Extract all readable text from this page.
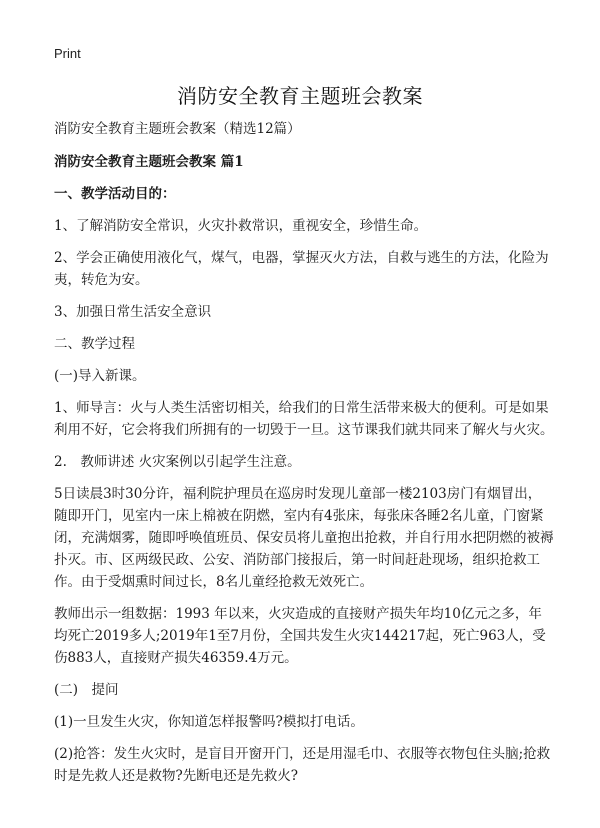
Print
消防安全教育主题班会教案

消防安全教育主题班会教案（精选12篇）

消防安全教育主题班会教案 篇1

一、教学活动目的：

1、了解消防安全常识，火灾扑救常识，重视安全，珍惜生命。

2、学会正确使用液化气，煤气，电器，掌握灭火方法，自救与逃生的方法，化险为夷，转危为安。

3、加强日常生活安全意识

二、教学过程

(一)导入新课。

1、师导言：火与人类生活密切相关，给我们的日常生活带来极大的便利。可是如果利用不好，它会将我们所拥有的一切毁于一旦。这节课我们就共同来了解火与火灾。

2.　教师讲述 火灾案例以引起学生注意。

5日读晨3时30分许，福利院护理员在巡房时发现儿童部一楼2103房门有烟冒出，随即开门，见室内一床上棉被在阴燃，室内有4张床，每张床各睡2名儿童，门窗紧闭，充满烟雾，随即呼唤值班员、保安员将儿童抱出抢救，并自行用水把阴燃的被褥扑灭。市、区两级民政、公安、消防部门接报后，第一时间赶赴现场，组织抢救工作。由于受烟熏时间过长，8名儿童经抢救无效死亡。

教师出示一组数据：1993 年以来，火灾造成的直接财产损失年均10亿元之多，年均死亡2019多人;2019年1至7月份，全国共发生火灾144217起，死亡963人，受伤883人，直接财产损失46359.4万元。

(二)　提问

(1)一旦发生火灾，你知道怎样报警吗?模拟打电话。

(2)抢答：发生火灾时，是盲目开窗开门，还是用湿毛巾、衣服等衣物包住头脑;抢救时是先救人还是救物?先断电还是先救火?
